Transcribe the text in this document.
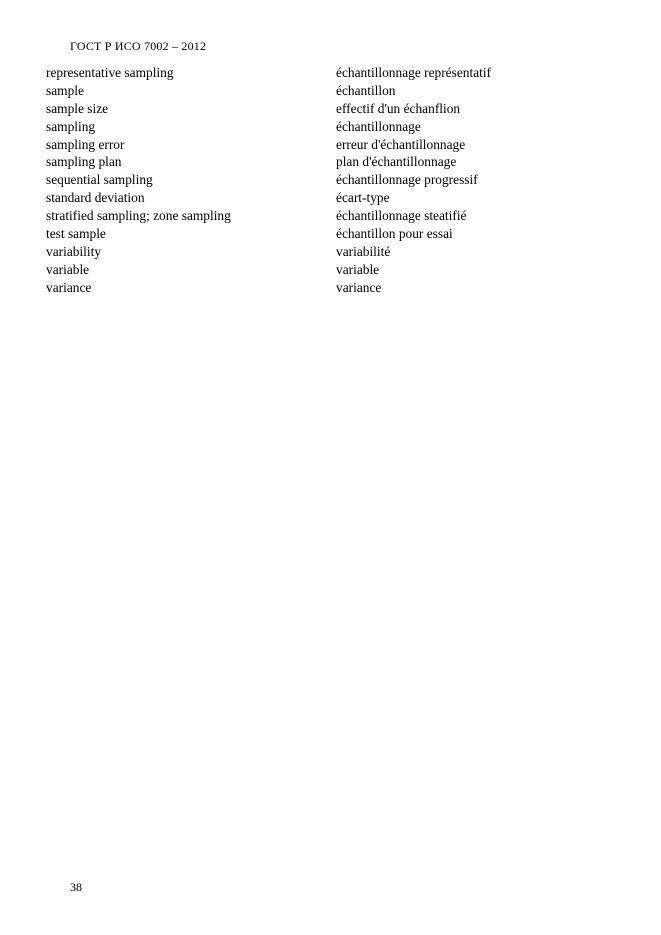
ГОСТ Р ИСО 7002 – 2012
representative sampling	échantillonnage représentatif
sample	échantillon
sample size	effectif d'un échanflion
sampling	échantillonnage
sampling error	erreur d'échantillonnage
sampling plan	plan d'échantillonnage
sequential sampling	échantillonnage progressif
standard deviation	écart-type
stratified sampling; zone sampling	échantillonnage steatifié
test sample	échantillon pour essai
variability	variabilité
variable	variable
variance	variance
38
